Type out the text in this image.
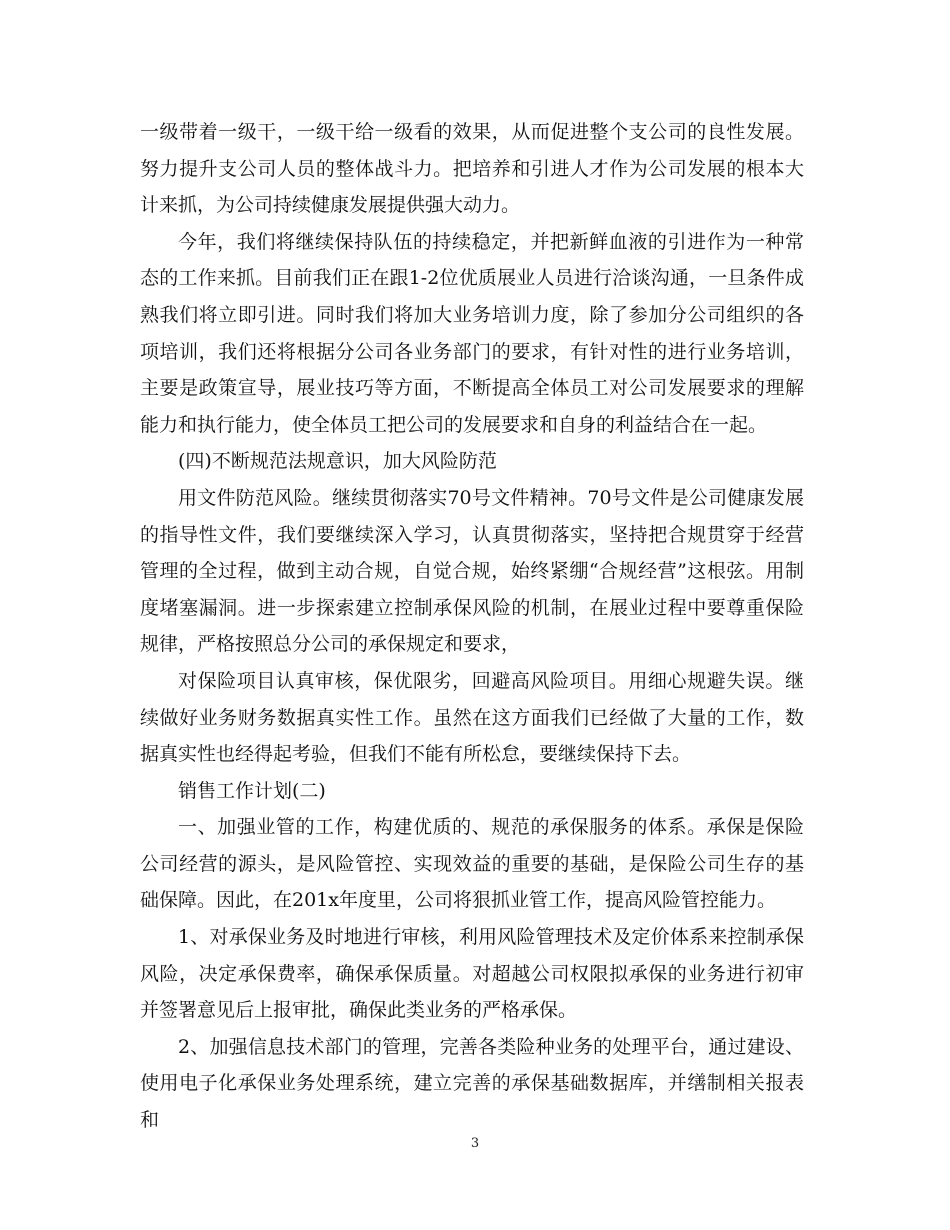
一级带着一级干，一级干给一级看的效果，从而促进整个支公司的良性发展。努力提升支公司人员的整体战斗力。把培养和引进人才作为公司发展的根本大计来抓，为公司持续健康发展提供强大动力。

今年，我们将继续保持队伍的持续稳定，并把新鲜血液的引进作为一种常态的工作来抓。目前我们正在跟1-2位优质展业人员进行洽谈沟通，一旦条件成熟我们将立即引进。同时我们将加大业务培训力度，除了参加分公司组织的各项培训，我们还将根据分公司各业务部门的要求，有针对性的进行业务培训，主要是政策宣导，展业技巧等方面，不断提高全体员工对公司发展要求的理解能力和执行能力，使全体员工把公司的发展要求和自身的利益结合在一起。

(四)不断规范法规意识，加大风险防范

用文件防范风险。继续贯彻落实70号文件精神。70号文件是公司健康发展的指导性文件，我们要继续深入学习，认真贯彻落实，坚持把合规贯穿于经营管理的全过程，做到主动合规，自觉合规，始终紧绷“合规经营”这根弦。用制度堵塞漏洞。进一步探索建立控制承保风险的机制，在展业过程中要尊重保险规律，严格按照总分公司的承保规定和要求，

对保险项目认真审核，保优限劣，回避高风险项目。用细心规避失误。继续做好业务财务数据真实性工作。虽然在这方面我们已经做了大量的工作，数据真实性也经得起考验，但我们不能有所松怠，要继续保持下去。

销售工作计划(二)

一、加强业管的工作，构建优质的、规范的承保服务的体系。承保是保险公司经营的源头，是风险管控、实现效益的重要的基础，是保险公司生存的基础保障。因此，在201x年度里，公司将狠抓业管工作，提高风险管控能力。

1、对承保业务及时地进行审核，利用风险管理技术及定价体系来控制承保风险，决定承保费率，确保承保质量。对超越公司权限拟承保的业务进行初审并签署意见后上报审批，确保此类业务的严格承保。

2、加强信息技术部门的管理，完善各类险种业务的处理平台，通过建设、使用电子化承保业务处理系统，建立完善的承保基础数据库，并缮制相关报表和

3
